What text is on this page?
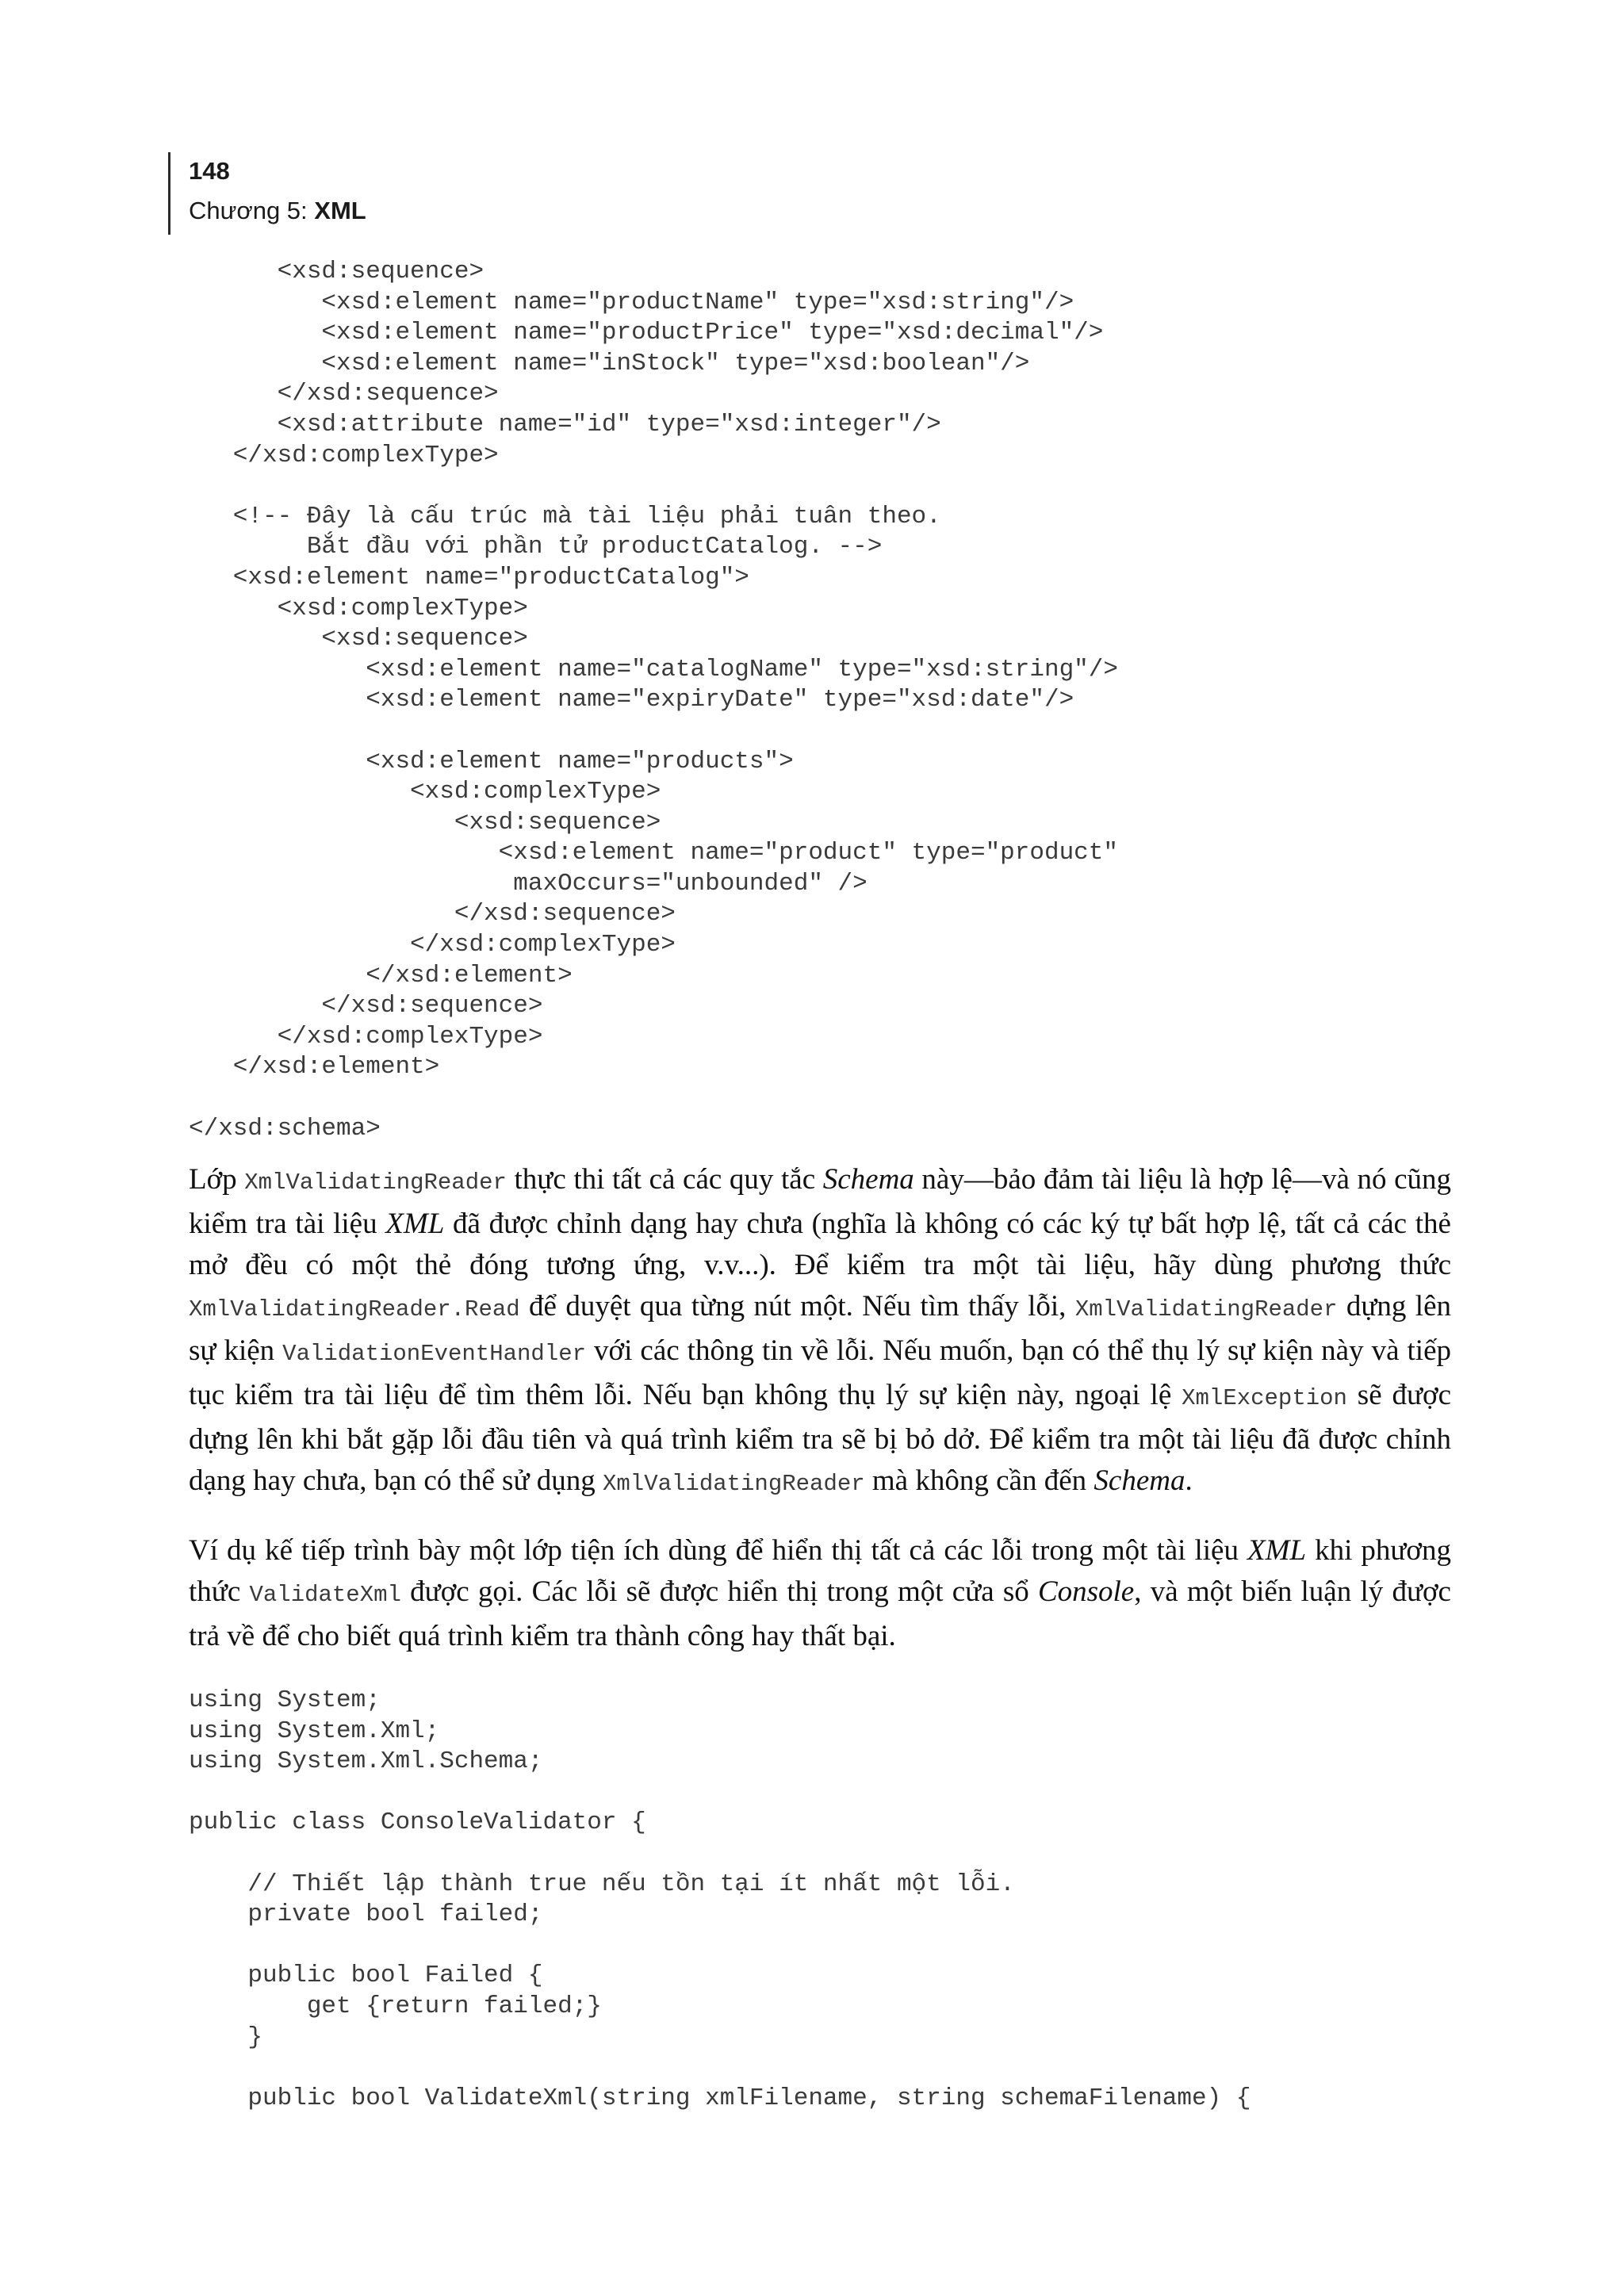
148

Chương 5: XML

<xsd:sequence>
<xsd:element name="productName" type="xsd:string"/>
<xsd:element name="productPrice" type="xsd:decimal"/>
<xsd:element name="inStock" type="xsd:boolean"/>
</xsd:sequence>
<xsd:attribute name="id" type="xsd:integer"/>
</xsd:complexType>
<!-- Đây là cấu trúc mà tài liệu phải tuân theo.
Bắt đầu với phần tử productCatalog. -->
<xsd:element name="productCatalog">
<xsd:complexType>
<xsd:sequence>
<xsd:element name="catalogName" type="xsd:string"/>
<xsd:element name="expiryDate" type="xsd:date"/>
<xsd:element name="products">
<xsd:complexType>
<xsd:sequence>
<xsd:element name="product" type="product"
maxOccurs="unbounded" />
</xsd:sequence>
</xsd:complexType>
</xsd:element>
</xsd:sequence>
</xsd:complexType>
</xsd:element>
</xsd:schema>

Lớp XmlValidatingReader thực thi tất cả các quy tắc Schema này—bảo đảm tài liệu là hợp lệ—và nó cũng kiểm tra tài liệu XML đã được chỉnh dạng hay chưa (nghĩa là không có các ký tự bất hợp lệ, tất cả các thẻ mở đều có một thẻ đóng tương ứng, v.v...). Để kiểm tra một tài liệu, hãy dùng phương thức XmlValidatingReader.Read để duyệt qua từng nút một. Nếu tìm thấy lỗi, XmlValidatingReader dựng lên sự kiện ValidationEventHandler với các thông tin về lỗi. Nếu muốn, bạn có thể thụ lý sự kiện này và tiếp tục kiểm tra tài liệu để tìm thêm lỗi. Nếu bạn không thụ lý sự kiện này, ngoại lệ XmlException sẽ được dựng lên khi bắt gặp lỗi đầu tiên và quá trình kiểm tra sẽ bị bỏ dở. Để kiểm tra một tài liệu đã được chỉnh dạng hay chưa, bạn có thể sử dụng XmlValidatingReader mà không cần đến Schema.

Ví dụ kế tiếp trình bày một lớp tiện ích dùng để hiển thị tất cả các lỗi trong một tài liệu XML khi phương thức ValidateXml được gọi. Các lỗi sẽ được hiển thị trong một cửa sổ Console, và một biến luận lý được trả về để cho biết quá trình kiểm tra thành công hay thất bại.

using System;
using System.Xml;
using System.Xml.Schema;
public class ConsoleValidator {
// Thiết lập thành true nếu tồn tại ít nhất một lỗi.
private bool failed;
public bool Failed {
get {return failed;}
}
public bool ValidateXml(string xmlFilename, string schemaFilename) {
